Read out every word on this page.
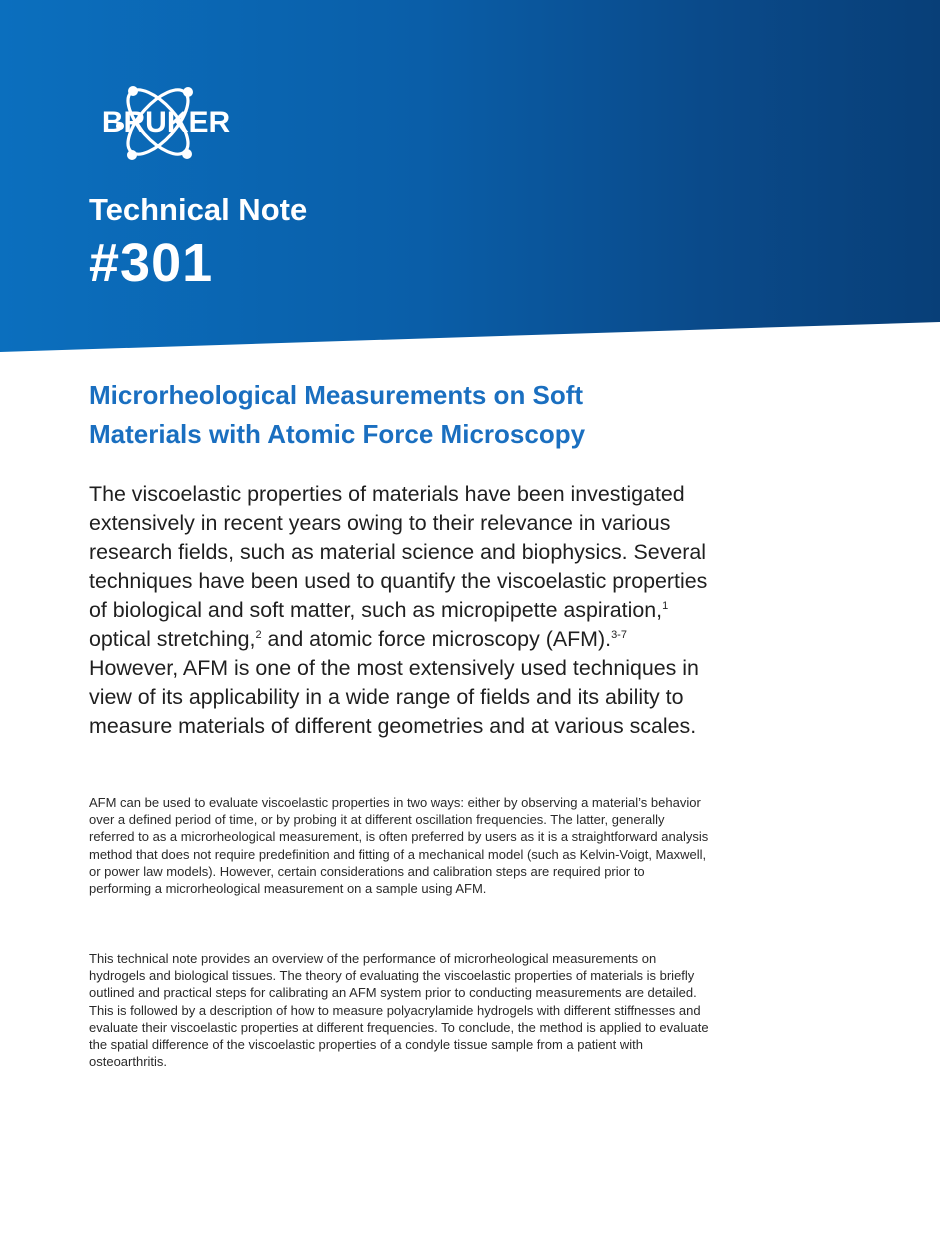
BRUKER
Technical Note
#301
Microrheological Measurements on Soft
Materials with Atomic Force Microscopy
The viscoelastic properties of materials have been investigated extensively in recent years owing to their relevance in various research fields, such as material science and biophysics. Several techniques have been used to quantify the viscoelastic properties of biological and soft matter, such as micropipette aspiration,$^1$ optical stretching,$^2$ and atomic force microscopy (AFM).$^{3-7}$ However, AFM is one of the most extensively used techniques in view of its applicability in a wide range of fields and its ability to measure materials of different geometries and at various scales.
AFM can be used to evaluate viscoelastic properties in two ways: either by observing a material’s behavior over a defined period of time, or by probing it at different oscillation frequencies. The latter, generally referred to as a microrheological measurement, is often preferred by users as it is a straightforward analysis method that does not require predefinition and fitting of a mechanical model (such as Kelvin-Voigt, Maxwell, or power law models). However, certain considerations and calibration steps are required prior to performing a microrheological measurement on a sample using AFM.
This technical note provides an overview of the performance of microrheological measurements on hydrogels and biological tissues. The theory of evaluating the viscoelastic properties of materials is briefly outlined and practical steps for calibrating an AFM system prior to conducting measurements are detailed. This is followed by a description of how to measure polyacrylamide hydrogels with different stiffnesses and evaluate their viscoelastic properties at different frequencies. To conclude, the method is applied to evaluate the spatial difference of the viscoelastic properties of a condyle tissue sample from a patient with osteoarthritis.
